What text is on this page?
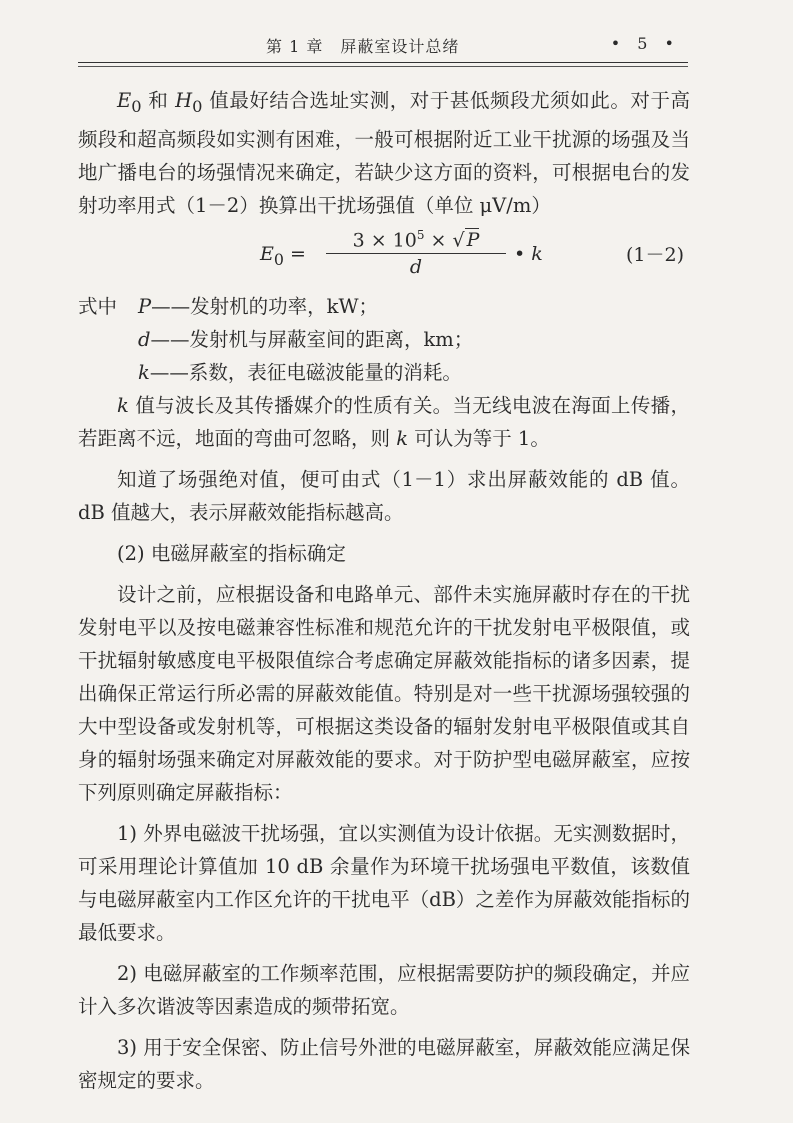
第 1 章　屏蔽室设计总绪	• 5 •

$E_0$ 和 $H_0$ 值最好结合选址实测，对于甚低频段尤须如此。对于高频段和超高频段如实测有困难，一般可根据附近工业干扰源的场强及当地广播电台的场强情况来确定，若缺少这方面的资料，可根据电台的发射功率用式（1－2）换算出干扰场强值（单位 μV/m）

$E_0 = \frac{3 \times 10^5 \times √ P}{d}$ • k	(1－2)

式中 P——发射机的功率，kW；

d——发射机与屏蔽室间的距离，km；

k——系数，表征电磁波能量的消耗。

k 值与波长及其传播媒介的性质有关。当无线电波在海面上传播，若距离不远，地面的弯曲可忽略，则 k 可认为等于 1。

知道了场强绝对值，便可由式（1－1）求出屏蔽效能的 dB 值。dB 值越大，表示屏蔽效能指标越高。

(2) 电磁屏蔽室的指标确定

设计之前，应根据设备和电路单元、部件未实施屏蔽时存在的干扰发射电平以及按电磁兼容性标准和规范允许的干扰发射电平极限值，或干扰辐射敏感度电平极限值综合考虑确定屏蔽效能指标的诸多因素，提出确保正常运行所必需的屏蔽效能值。特别是对一些干扰源场强较强的大中型设备或发射机等，可根据这类设备的辐射发射电平极限值或其自身的辐射场强来确定对屏蔽效能的要求。对于防护型电磁屏蔽室，应按下列原则确定屏蔽指标：

1) 外界电磁波干扰场强，宜以实测值为设计依据。无实测数据时，可采用理论计算值加 10 dB 余量作为环境干扰场强电平数值，该数值与电磁屏蔽室内工作区允许的干扰电平（dB）之差作为屏蔽效能指标的最低要求。

2) 电磁屏蔽室的工作频率范围，应根据需要防护的频段确定，并应计入多次谐波等因素造成的频带拓宽。

3) 用于安全保密、防止信号外泄的电磁屏蔽室，屏蔽效能应满足保密规定的要求。
